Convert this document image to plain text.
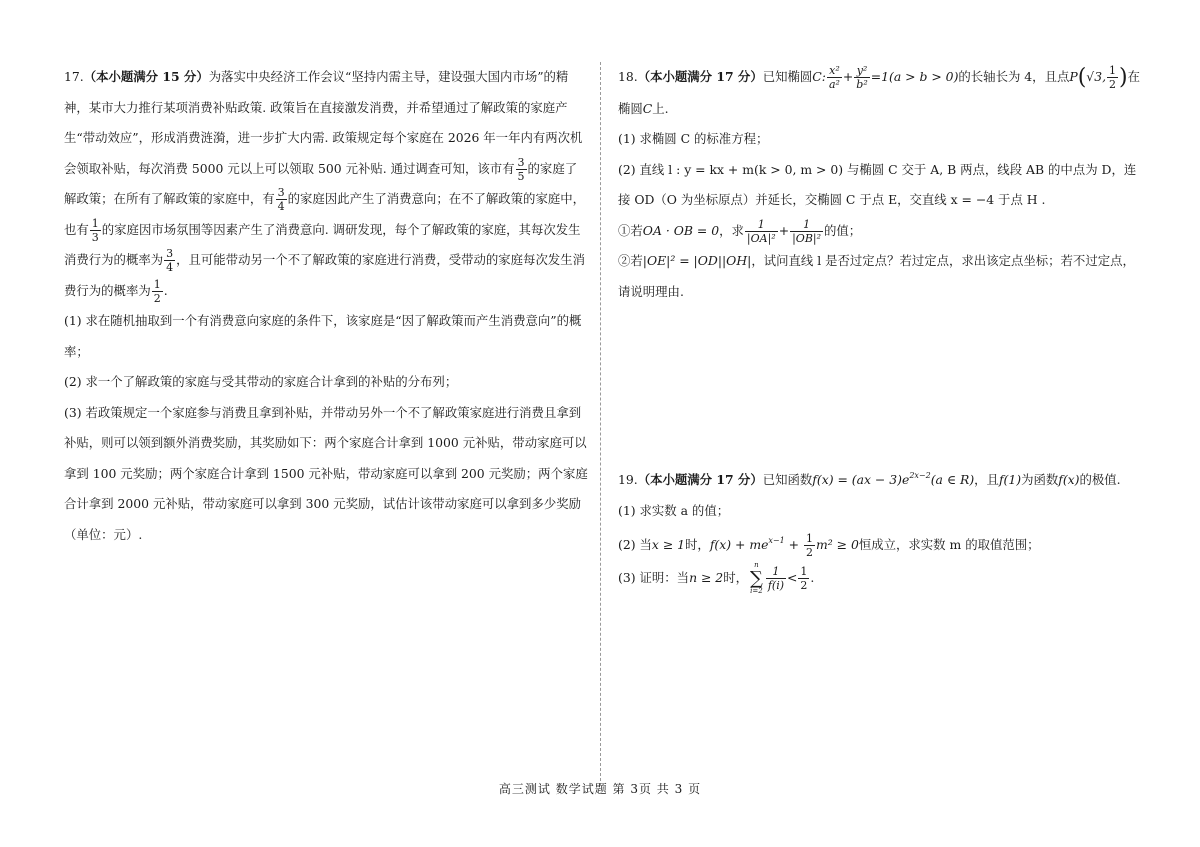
17.（本小题满分 15 分）为落实中央经济工作会议“坚持内需主导，建设强大国内市场”的精神，某市大力推行某项消费补贴政策. 政策旨在直接激发消费，并希望通过了解政策的家庭产生“带动效应”，形成消费涟漪，进一步扩大内需. 政策规定每个家庭在 2026 年一年内有两次机会领取补贴，每次消费 5000 元以上可以领取 500 元补贴. 通过调查可知，该市有 $\frac{3}{5}$ 的家庭了解政策；在所有了解政策的家庭中，有 $\frac{3}{4}$ 的家庭因此产生了消费意向；在不了解政策的家庭中，也有 $\frac{1}{3}$ 的家庭因市场氛围等因素产生了消费意向. 调研发现，每个了解政策的家庭，其每次发生消费行为的概率为 $\frac{3}{4}$ ，且可能带动另一个不了解政策的家庭进行消费，受带动的家庭每次发生消费行为的概率为 $\frac{1}{2}$ .

(1) 求在随机抽取到一个有消费意向家庭的条件下，该家庭是“因了解政策而产生消费意向”的概率；

(2) 求一个了解政策的家庭与受其带动的家庭合计拿到的补贴的分布列；

(3) 若政策规定一个家庭参与消费且拿到补贴，并带动另外一个不了解政策家庭进行消费且拿到补贴，则可以领到额外消费奖励，其奖励如下：两个家庭合计拿到 1000 元补贴，带动家庭可以拿到 100 元奖励；两个家庭合计拿到 1500 元补贴，带动家庭可以拿到 200 元奖励；两个家庭合计拿到 2000 元补贴，带动家庭可以拿到 300 元奖励，试估计该带动家庭可以拿到多少奖励（单位：元）.

18.（本小题满分 17 分）已知椭圆C: $\frac{\text{x²}}{\text{a²}} + \frac{\text{y²}}{\text{b²}} =1(a > b > 0)$的长轴长为 4，且点P(√3, $\frac{1}{2}$ )在椭圆C上.

(1) 求椭圆 C 的标准方程；

(2) 直线 l : y = kx + m(k > 0, m > 0) 与椭圆 C 交于 A, B 两点，线段 AB 的中点为 D，连接 OD（O 为坐标原点）并延长，交椭圆 C 于点 E，交直线 x = −4 于点 H .

①若OA · OB = 0，求 $\frac{1}{\text{|OA|²}} + \frac{1}{\text{|OB|²}}$ 的值；

②若|OE|² = |OD||OH|，试问直线 l 是否过定点？若过定点，求出该定点坐标；若不过定点，请说明理由.

19.（本小题满分 17 分）已知函数$f(x) = (ax - 3)e^{2x-2}(a$ ∈ R)，且f(1)为函数f(x)的极值.

(1) 求实数 a 的值；

(2) 当x ≥ 1时，$f(x) + me^{x-1} + \frac{1}{2} m^2 \ge 0$恒成立，求实数 m 的取值范围；

(3) 证明：当n ≥ 2时，
n
∑
$i=2 \frac{1}{f(i)} < \frac{1}{2}$ .

高三测试 数学试题 第 3页 共 3 页
